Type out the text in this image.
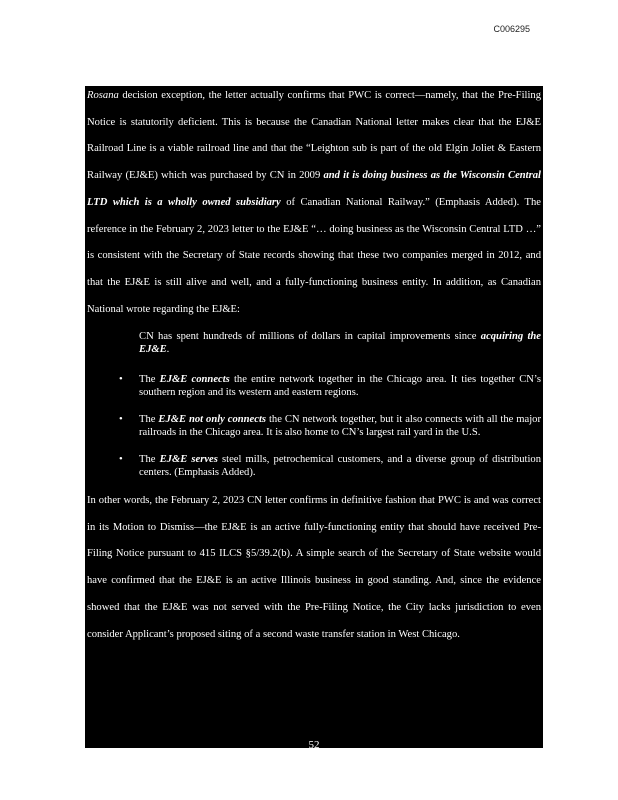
C006295

Rosana decision exception, the letter actually confirms that PWC is correct—namely, that the Pre-Filing Notice is statutorily deficient. This is because the Canadian National letter makes clear that the EJ&E Railroad Line is a viable railroad line and that the “Leighton sub is part of the old Elgin Joliet & Eastern Railway (EJ&E) which was purchased by CN in 2009 and it is doing business as the Wisconsin Central LTD which is a wholly owned subsidiary of Canadian National Railway.” (Emphasis Added). The reference in the February 2, 2023 letter to the EJ&E “… doing business as the Wisconsin Central LTD …” is consistent with the Secretary of State records showing that these two companies merged in 2012, and that the EJ&E is still alive and well, and a fully-functioning business entity. In addition, as Canadian National wrote regarding the EJ&E:

CN has spent hundreds of millions of dollars in capital improvements since acquiring the EJ&E.
• The EJ&E connects the entire network together in the Chicago area. It ties together CN’s southern region and its western and eastern regions.
• The EJ&E not only connects the CN network together, but it also connects with all the major railroads in the Chicago area. It is also home to CN’s largest rail yard in the U.S.
• The EJ&E serves steel mills, petrochemical customers, and a diverse group of distribution centers. (Emphasis Added).

In other words, the February 2, 2023 CN letter confirms in definitive fashion that PWC is and was correct in its Motion to Dismiss—the EJ&E is an active fully-functioning entity that should have received Pre-Filing Notice pursuant to 415 ILCS §5/39.2(b). A simple search of the Secretary of State website would have confirmed that the EJ&E is an active Illinois business in good standing. And, since the evidence showed that the EJ&E was not served with the Pre-Filing Notice, the City lacks jurisdiction to even consider Applicant’s proposed siting of a second waste transfer station in West Chicago.

52
